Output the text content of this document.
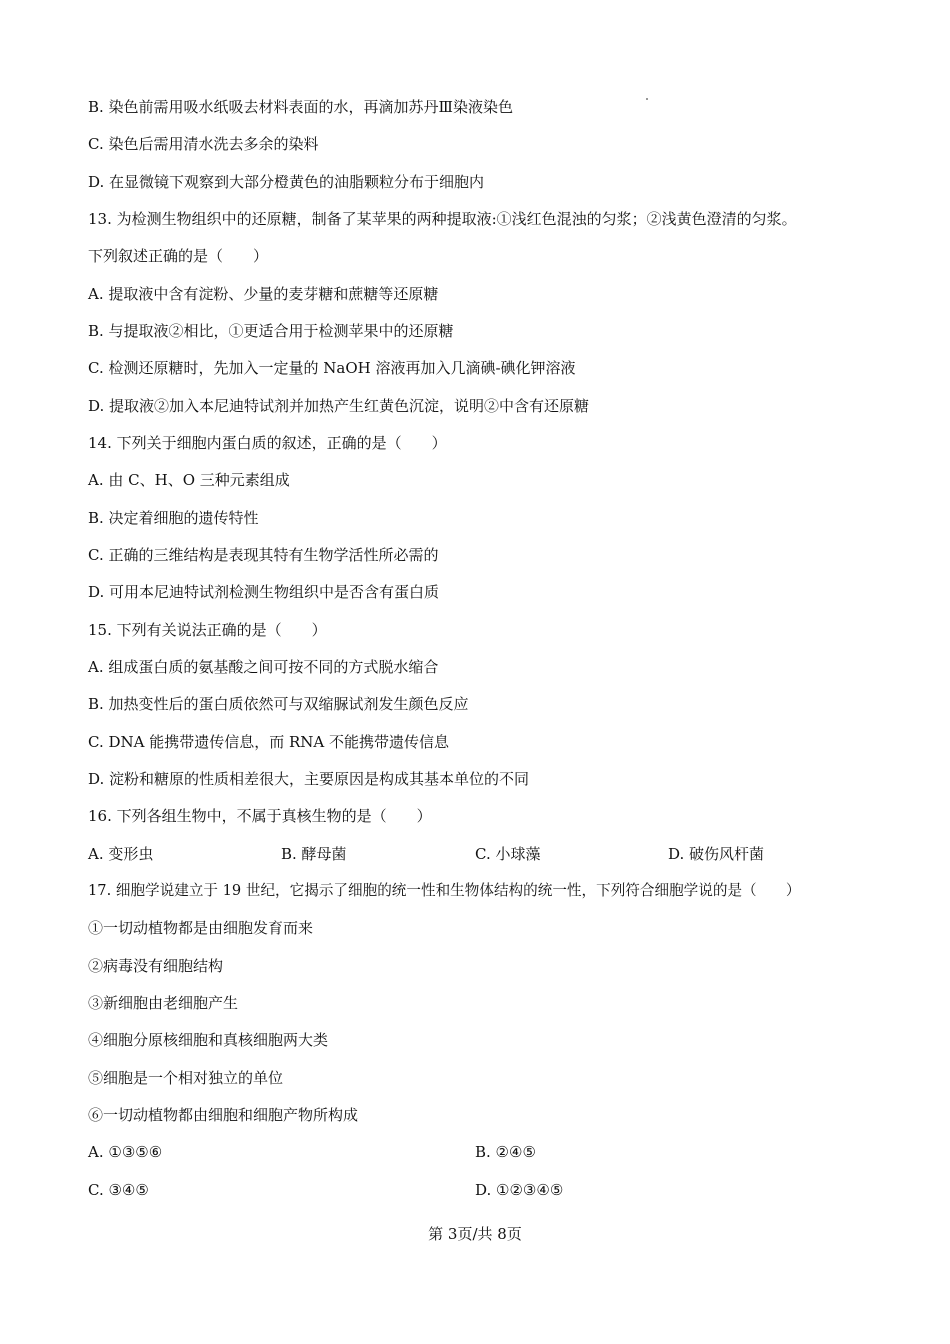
B. 染色前需用吸水纸吸去材料表面的水，再滴加苏丹Ⅲ染液染色
C. 染色后需用清水洗去多余的染料
D. 在显微镜下观察到大部分橙黄色的油脂颗粒分布于细胞内
13. 为检测生物组织中的还原糖，制备了某苹果的两种提取液:①浅红色混浊的匀浆；②浅黄色澄清的匀浆。
下列叙述正确的是（　　）
A. 提取液中含有淀粉、少量的麦芽糖和蔗糖等还原糖
B. 与提取液②相比，①更适合用于检测苹果中的还原糖
C. 检测还原糖时，先加入一定量的 NaOH 溶液再加入几滴碘-碘化钾溶液
D. 提取液②加入本尼迪特试剂并加热产生红黄色沉淀，说明②中含有还原糖
14. 下列关于细胞内蛋白质的叙述，正确的是（　　）
A. 由 C、H、O 三种元素组成
B. 决定着细胞的遗传特性
C. 正确的三维结构是表现其特有生物学活性所必需的
D. 可用本尼迪特试剂检测生物组织中是否含有蛋白质
15. 下列有关说法正确的是（　　）
A. 组成蛋白质的氨基酸之间可按不同的方式脱水缩合
B. 加热变性后的蛋白质依然可与双缩脲试剂发生颜色反应
C. DNA 能携带遗传信息，而 RNA 不能携带遗传信息
D. 淀粉和糖原的性质相差很大，主要原因是构成其基本单位的不同
16. 下列各组生物中，不属于真核生物的是（　　）
A. 变形虫	B. 酵母菌	C. 小球藻	D. 破伤风杆菌
17. 细胞学说建立于 19 世纪，它揭示了细胞的统一性和生物体结构的统一性，下列符合细胞学说的是（　　）
①一切动植物都是由细胞发育而来
②病毒没有细胞结构
③新细胞由老细胞产生
④细胞分原核细胞和真核细胞两大类
⑤细胞是一个相对独立的单位
⑥一切动植物都由细胞和细胞产物所构成
A. ①③⑤⑥	B. ②④⑤
C. ③④⑤	D. ①②③④⑤
第 3页/共 8页
